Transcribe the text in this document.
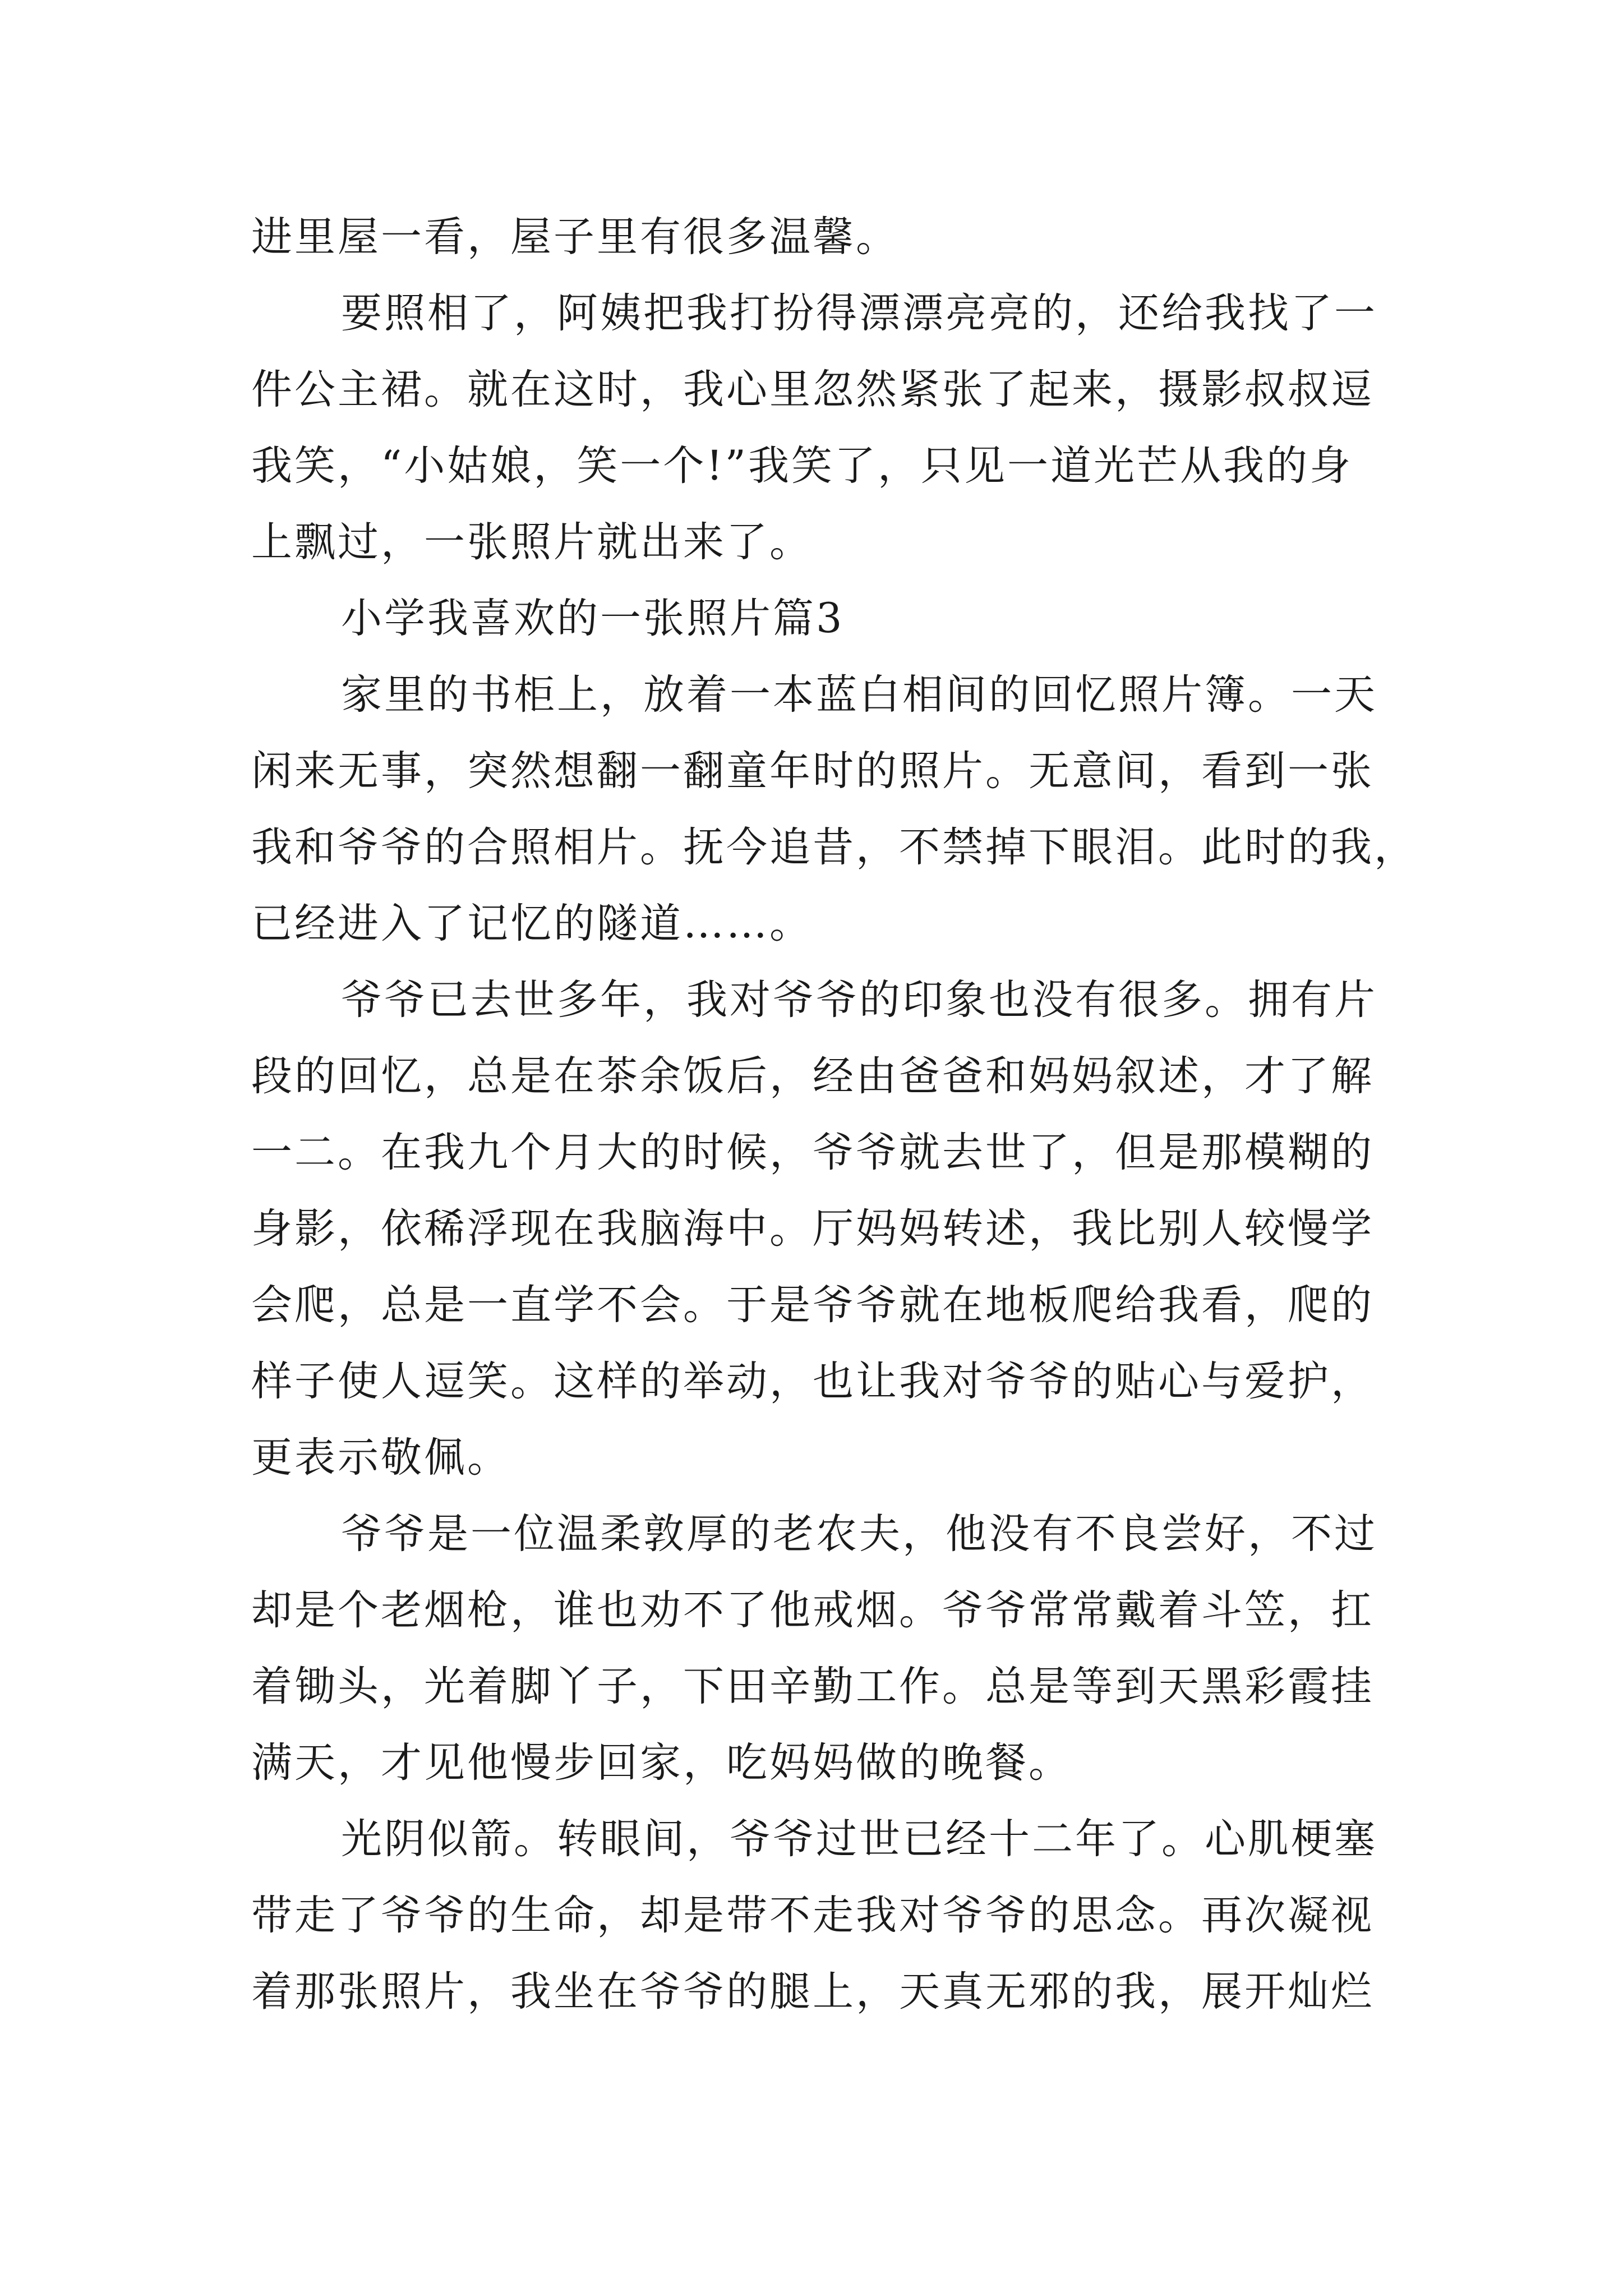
进里屋一看，屋子里有很多温馨。
要照相了，阿姨把我打扮得漂漂亮亮的，还给我找了一
件公主裙。就在这时，我心里忽然紧张了起来，摄影叔叔逗
我笑，“小姑娘，笑一个!”我笑了，只见一道光芒从我的身
上飘过，一张照片就出来了。
小学我喜欢的一张照片篇3
家里的书柜上，放着一本蓝白相间的回忆照片簿。一天
闲来无事，突然想翻一翻童年时的照片。无意间，看到一张
我和爷爷的合照相片。抚今追昔，不禁掉下眼泪。此时的我，
已经进入了记忆的隧道……。
爷爷已去世多年，我对爷爷的印象也没有很多。拥有片
段的回忆，总是在茶余饭后，经由爸爸和妈妈叙述，才了解
一二。在我九个月大的时候，爷爷就去世了，但是那模糊的
身影，依稀浮现在我脑海中。厅妈妈转述，我比别人较慢学
会爬，总是一直学不会。于是爷爷就在地板爬给我看，爬的
样子使人逗笑。这样的举动，也让我对爷爷的贴心与爱护，
更表示敬佩。
爷爷是一位温柔敦厚的老农夫，他没有不良尝好，不过
却是个老烟枪，谁也劝不了他戒烟。爷爷常常戴着斗笠，扛
着锄头，光着脚丫子，下田辛勤工作。总是等到天黑彩霞挂
满天，才见他慢步回家，吃妈妈做的晚餐。
光阴似箭。转眼间，爷爷过世已经十二年了。心肌梗塞
带走了爷爷的生命，却是带不走我对爷爷的思念。再次凝视
着那张照片，我坐在爷爷的腿上，天真无邪的我，展开灿烂
